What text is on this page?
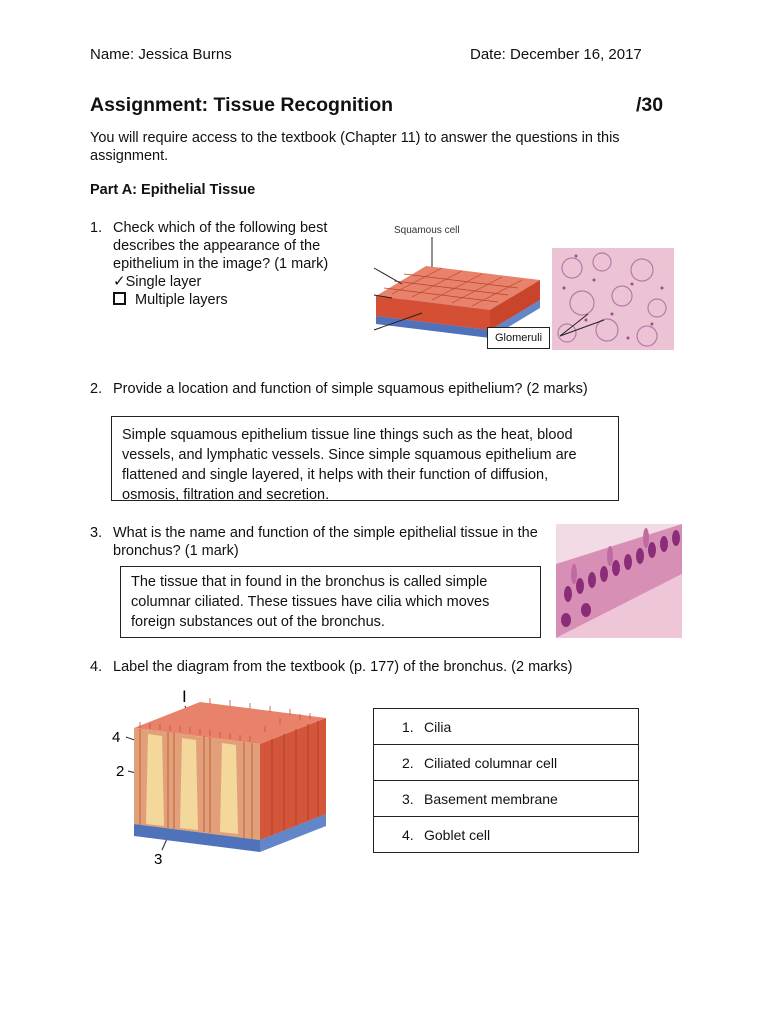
Name: Jessica Burns	Date: December 16, 2017
Assignment: Tissue Recognition	/30
You will require access to the textbook (Chapter 11) to answer the questions in this assignment.
Part A: Epithelial Tissue
1. Check which of the following best describes the appearance of the epithelium in the image? (1 mark)
✓Single layer
Multiple layers
Squamous cell
Glomeruli
2. Provide a location and function of simple squamous epithelium? (2 marks)
Simple squamous epithelium tissue line things such as the heat, blood vessels, and lymphatic vessels. Since simple squamous epithelium are flattened and single layered, it helps with their function of diffusion, osmosis, filtration and secretion.
3. What is the name and function of the simple epithelial tissue in the bronchus? (1 mark)
The tissue that in found in the bronchus is called simple columnar ciliated. These tissues have cilia which moves foreign substances out of the bronchus.
4. Label the diagram from the textbook (p. 177) of the bronchus. (2 marks)
I
4
2
3
1. Cilia
2. Ciliated columnar cell
3. Basement membrane
4. Goblet cell
